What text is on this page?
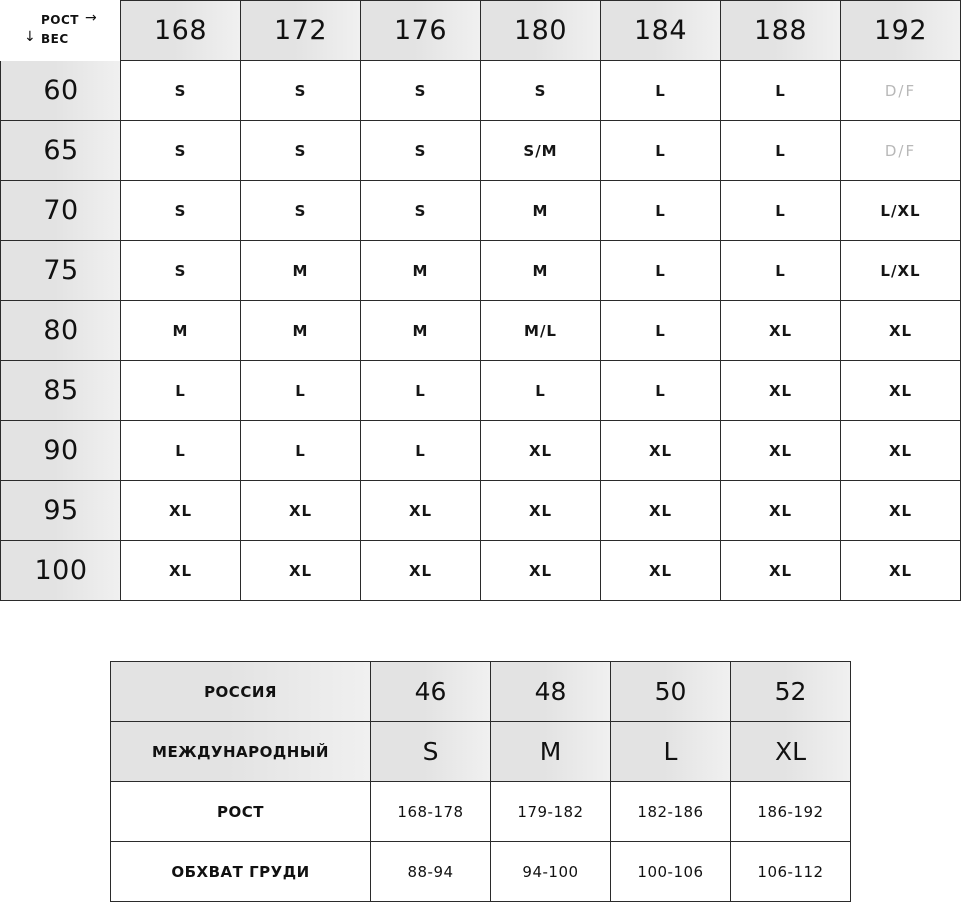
РОСТ →
↓ ВЕС	168	172	176	180	184	188	192
60	S	S	S	S	L	L	D/F
65	S	S	S	S/M	L	L	D/F
70	S	S	S	M	L	L	L/XL
75	S	M	M	M	L	L	L/XL
80	M	M	M	M/L	L	XL	XL
85	L	L	L	L	L	XL	XL
90	L	L	L	XL	XL	XL	XL
95	XL	XL	XL	XL	XL	XL	XL
100	XL	XL	XL	XL	XL	XL	XL
РОССИЯ	46	48	50	52
МЕЖДУНАРОДНЫЙ	S	M	L	XL
РОСТ	168-178	179-182	182-186	186-192
ОБХВАТ ГРУДИ	88-94	94-100	100-106	106-112
